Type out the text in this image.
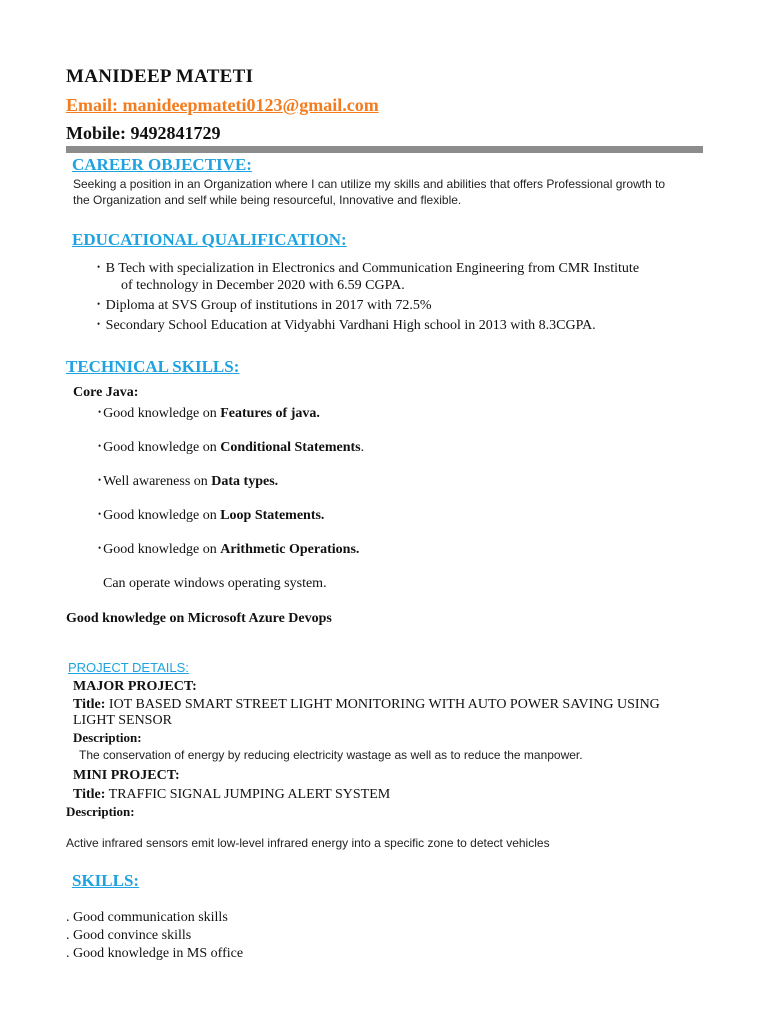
MANIDEEP MATETI
Email: manideepmateti0123@gmail.com
Mobile: 9492841729
CAREER OBJECTIVE:
Seeking a position in an Organization where I can utilize my skills and abilities that offers Professional growth to
the Organization and self while being resourceful, Innovative and flexible.
EDUCATIONAL QUALIFICATION:
• B Tech with specialization in Electronics and Communication Engineering from CMR Institute
of technology in December 2020 with 6.59 CGPA.
• Diploma at SVS Group of institutions in 2017 with 72.5%
• Secondary School Education at Vidyabhi Vardhani High school in 2013 with 8.3CGPA.
TECHNICAL SKILLS:
Core Java:
• Good knowledge on Features of java.
• Good knowledge on Conditional Statements.
• Well awareness on Data types.
• Good knowledge on Loop Statements.
• Good knowledge on Arithmetic Operations.
Can operate windows operating system.
Good knowledge on Microsoft Azure Devops
PROJECT DETAILS:
MAJOR PROJECT:
Title: IOT BASED SMART STREET LIGHT MONITORING WITH AUTO POWER SAVING USING
LIGHT SENSOR
Description:
The conservation of energy by reducing electricity wastage as well as to reduce the manpower.
MINI PROJECT:
Title: TRAFFIC SIGNAL JUMPING ALERT SYSTEM
Description:
Active infrared sensors emit low-level infrared energy into a specific zone to detect vehicles
SKILLS:
. Good communication skills
. Good convince skills
. Good knowledge in MS office
